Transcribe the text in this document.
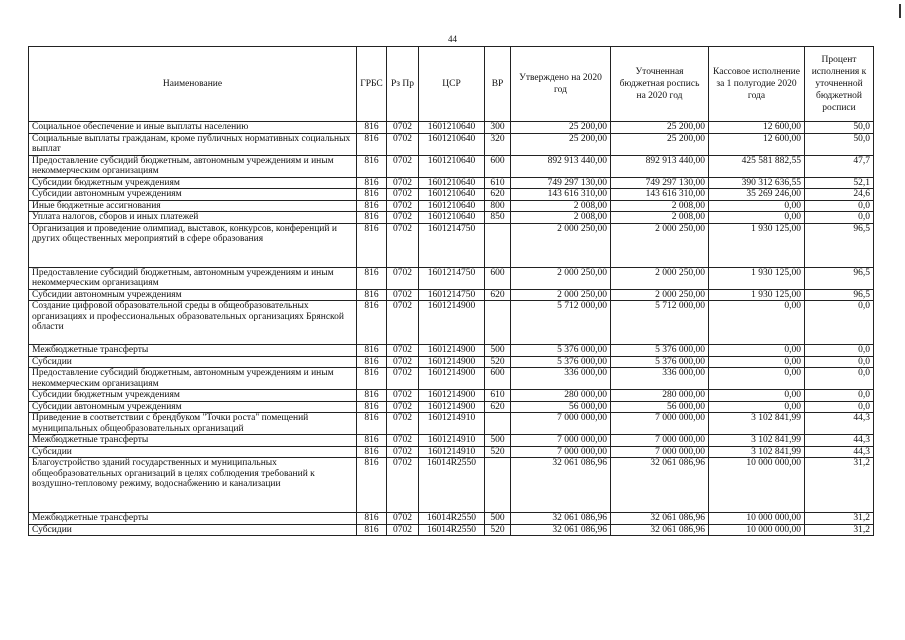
44
Наименование	ГРБС	Рз Пр	ЦСР	ВР	Утвержденo на 2020 год	Уточненная бюджетная роспись на 2020 год	Кассовое исполнение за 1 полугодие 2020 года	Процент исполнения к уточненной бюджетной росписи
Социальное обеспечение и иные выплаты населению	816	0702	1601210640	300	25 200,00	25 200,00	12 600,00	50,0
Социальные выплаты гражданам, кроме публичных нормативных социальных выплат	816	0702	1601210640	320	25 200,00	25 200,00	12 600,00	50,0
Предоставление субсидий бюджетным, автономным учреждениям и иным некоммерческим организациям	816	0702	1601210640	600	892 913 440,00	892 913 440,00	425 581 882,55	47,7
Субсидии бюджетным учреждениям	816	0702	1601210640	610	749 297 130,00	749 297 130,00	390 312 636,55	52,1
Субсидии автономным учреждениям	816	0702	1601210640	620	143 616 310,00	143 616 310,00	35 269 246,00	24,6
Иные бюджетные ассигнования	816	0702	1601210640	800	2 008,00	2 008,00	0,00	0,0
Уплата налогов, сборов и иных платежей	816	0702	1601210640	850	2 008,00	2 008,00	0,00	0,0
Организация и проведение олимпиад, выставок, конкурсов, конференций и других общественных мероприятий в сфере образования	816	0702	1601214750		2 000 250,00	2 000 250,00	1 930 125,00	96,5
Предоставление субсидий бюджетным, автономным учреждениям и иным некоммерческим организациям	816	0702	1601214750	600	2 000 250,00	2 000 250,00	1 930 125,00	96,5
Субсидии автономным учреждениям	816	0702	1601214750	620	2 000 250,00	2 000 250,00	1 930 125,00	96,5
Создание цифровой образовательной среды в общеобразовательных организациях и профессиональных образовательных организациях Брянской области	816	0702	1601214900		5 712 000,00	5 712 000,00	0,00	0,0
Межбюджетные трансферты	816	0702	1601214900	500	5 376 000,00	5 376 000,00	0,00	0,0
Субсидии	816	0702	1601214900	520	5 376 000,00	5 376 000,00	0,00	0,0
Предоставление субсидий бюджетным, автономным учреждениям и иным некоммерческим организациям	816	0702	1601214900	600	336 000,00	336 000,00	0,00	0,0
Субсидии бюджетным учреждениям	816	0702	1601214900	610	280 000,00	280 000,00	0,00	0,0
Субсидии автономным учреждениям	816	0702	1601214900	620	56 000,00	56 000,00	0,00	0,0
Приведение в соответствии с брендбуком "Точки роста" помещений муниципальных общеобразовательных организаций	816	0702	1601214910		7 000 000,00	7 000 000,00	3 102 841,99	44,3
Межбюджетные трансферты	816	0702	1601214910	500	7 000 000,00	7 000 000,00	3 102 841,99	44,3
Субсидии	816	0702	1601214910	520	7 000 000,00	7 000 000,00	3 102 841,99	44,3
Благоустройство зданий государственных и муниципальных общеобразовательных организаций в целях соблюдения требований к воздушно-тепловому режиму, водоснабжению и канализации	816	0702	16014R2550		32 061 086,96	32 061 086,96	10 000 000,00	31,2
Межбюджетные трансферты	816	0702	16014R2550	500	32 061 086,96	32 061 086,96	10 000 000,00	31,2
Субсидии	816	0702	16014R2550	520	32 061 086,96	32 061 086,96	10 000 000,00	31,2
